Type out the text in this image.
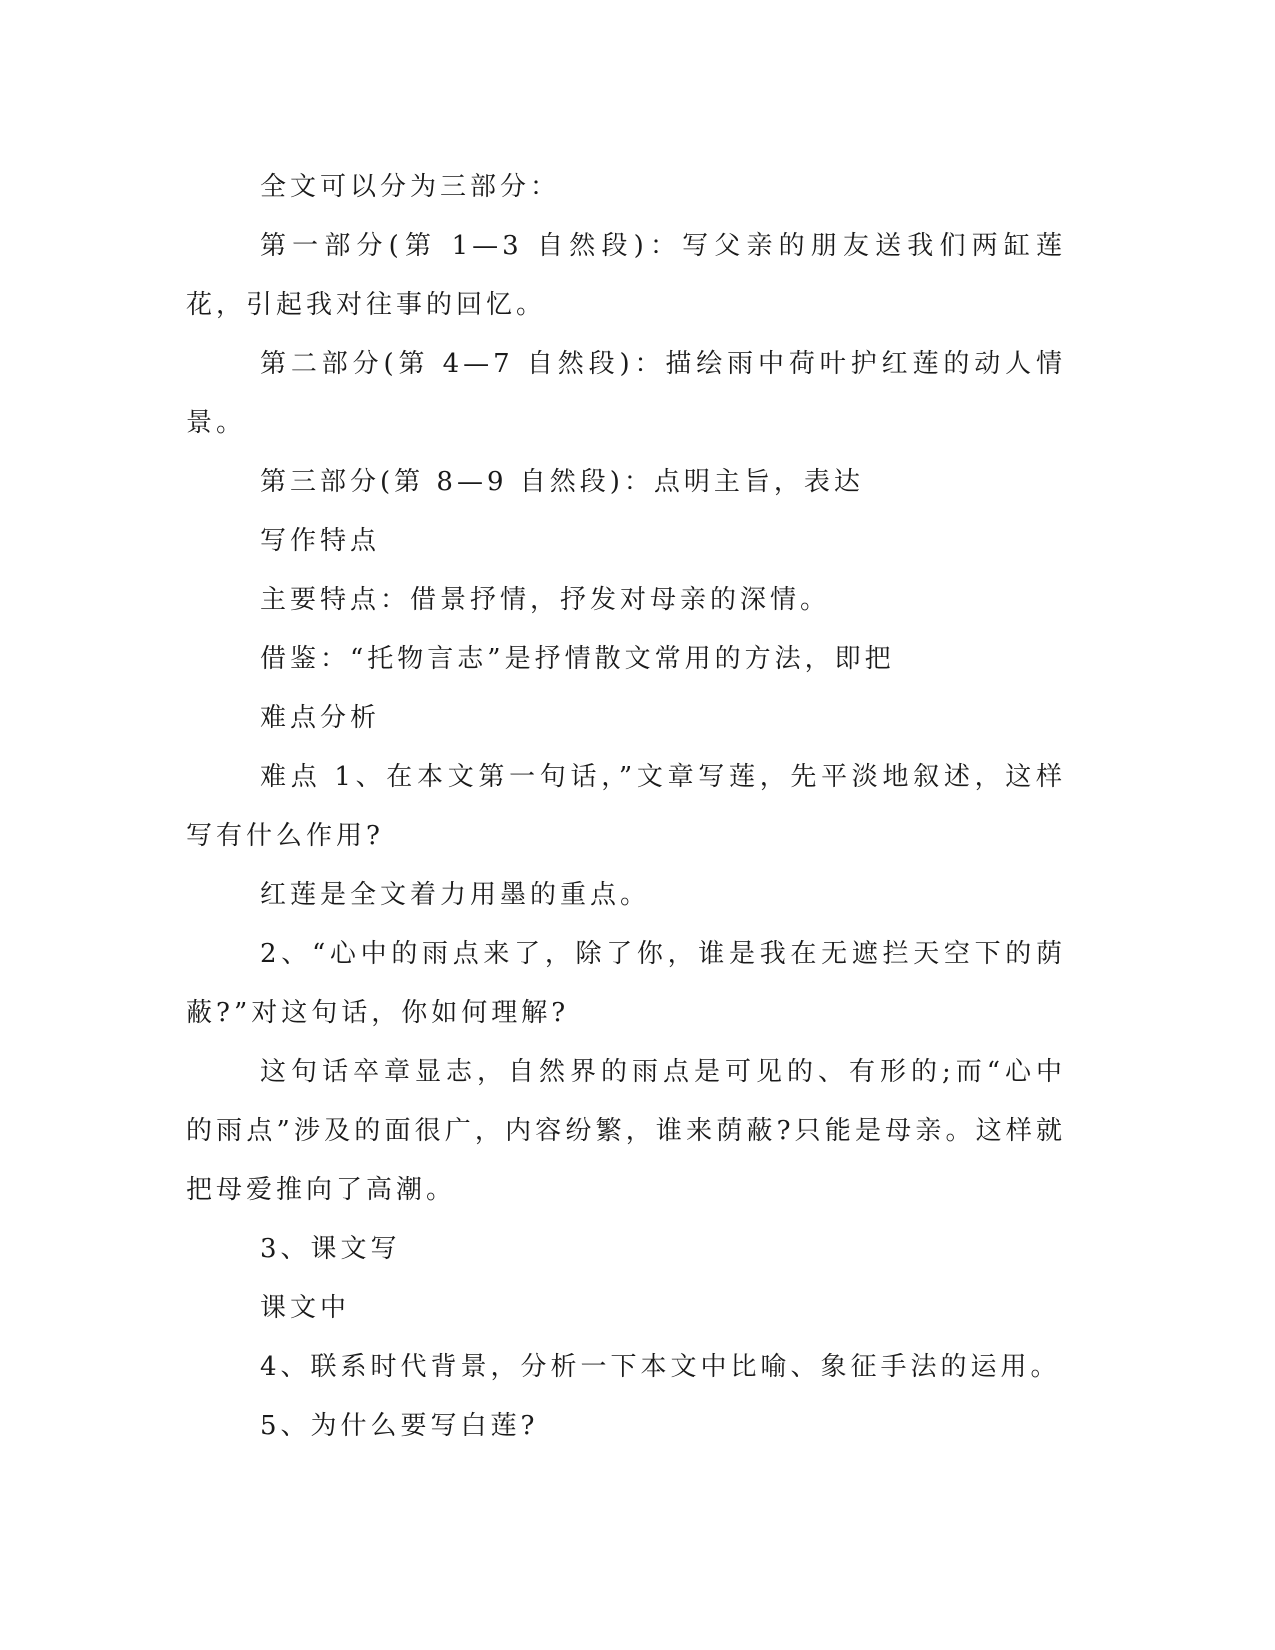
全文可以分为三部分：

第一部分(第 1—3 自然段)：写父亲的朋友送我们两缸莲花，引起我对往事的回忆。

第二部分(第 4—7 自然段)：描绘雨中荷叶护红莲的动人情景。

第三部分(第 8—9 自然段)：点明主旨，表达

写作特点

主要特点：借景抒情，抒发对母亲的深情。

借鉴：“托物言志”是抒情散文常用的方法，即把

难点分析

难点 1、在本文第一句话，”文章写莲，先平淡地叙述，这样写有什么作用?

红莲是全文着力用墨的重点。

2、“心中的雨点来了，除了你，谁是我在无遮拦天空下的荫蔽?”对这句话，你如何理解?

这句话卒章显志，自然界的雨点是可见的、有形的;而“心中的雨点”涉及的面很广，内容纷繁，谁来荫蔽?只能是母亲。这样就把母爱推向了高潮。

3、课文写

课文中

4、联系时代背景，分析一下本文中比喻、象征手法的运用。

5、为什么要写白莲?
